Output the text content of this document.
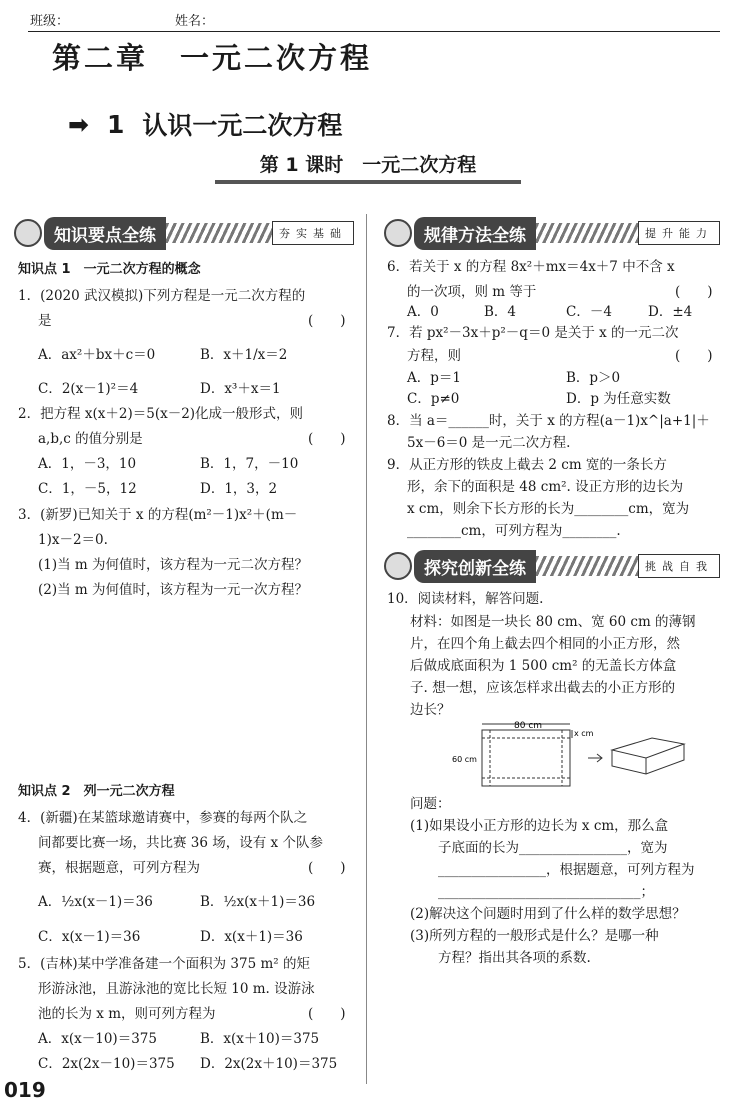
班级：	姓名：
第二章　一元二次方程
➡ 1 认识一元二次方程
第 1 课时　一元二次方程
知识要点全练	夯实基础
知识点 1　一元二次方程的概念
1．(2020 武汉模拟)下列方程是一元二次方程的
是	(　　)
A．ax²＋bx＋c＝0	B．x＋1/x＝2
C．2(x－1)²＝4	D．x³＋x＝1
2．把方程 x(x＋2)＝5(x－2)化成一般形式，则
a,b,c 的值分别是	(　　)
A．1，－3，10	B．1，7，－10
C．1，－5，12	D．1，3，2
3．(新罗)已知关于 x 的方程(m²－1)x²＋(m－
1)x－2＝0.
(1)当 m 为何值时，该方程为一元二次方程？
(2)当 m 为何值时，该方程为一元一次方程？
知识点 2　列一元二次方程
4．(新疆)在某篮球邀请赛中，参赛的每两个队之
间都要比赛一场，共比赛 36 场，设有 x 个队参
赛，根据题意，可列方程为	(　　)
A．½x(x－1)＝36	B．½x(x＋1)＝36
C．x(x－1)＝36	D．x(x＋1)＝36
5．(吉林)某中学准备建一个面积为 375 m² 的矩
形游泳池，且游泳池的宽比长短 10 m. 设游泳
池的长为 x m，则可列方程为	(　　)
A．x(x－10)＝375	B．x(x＋10)＝375
C．2x(2x－10)＝375 D．2x(2x＋10)＝375
规律方法全练	提升能力
6．若关于 x 的方程 8x²＋mx＝4x＋7 中不含 x
的一次项，则 m 等于	(　　)
A．0	B．4	C．－4	D．±4
7．若 px²－3x＋p²－q＝0 是关于 x 的一元二次
方程，则	(　　)
A．p＝1	B．p＞0
C．p≠0	D．p 为任意实数
8．当 a＝______时，关于 x 的方程(a－1)x^|a+1|＋
5x－6＝0 是一元二次方程.
9．从正方形的铁皮上截去 2 cm 宽的一条长方
形，余下的面积是 48 cm². 设正方形的边长为
x cm，则余下长方形的长为________cm，宽为
________cm，可列方程为________.
探究创新全练	挑战自我
10．阅读材料，解答问题.
材料：如图是一块长 80 cm、宽 60 cm 的薄钢
片，在四个角上截去四个相同的小正方形，然
后做成底面积为 1 500 cm² 的无盖长方体盒
子. 想一想，应该怎样求出截去的小正方形的
边长？
80 cm
60 cm
x cm
问题：
(1)如果设小正方形的边长为 x cm，那么盒
子底面的长为________________，宽为
________________，根据题意，可列方程为
______________________________；
(2)解决这个问题时用到了什么样的数学思想？
(3)所列方程的一般形式是什么？是哪一种
方程？指出其各项的系数.
019
